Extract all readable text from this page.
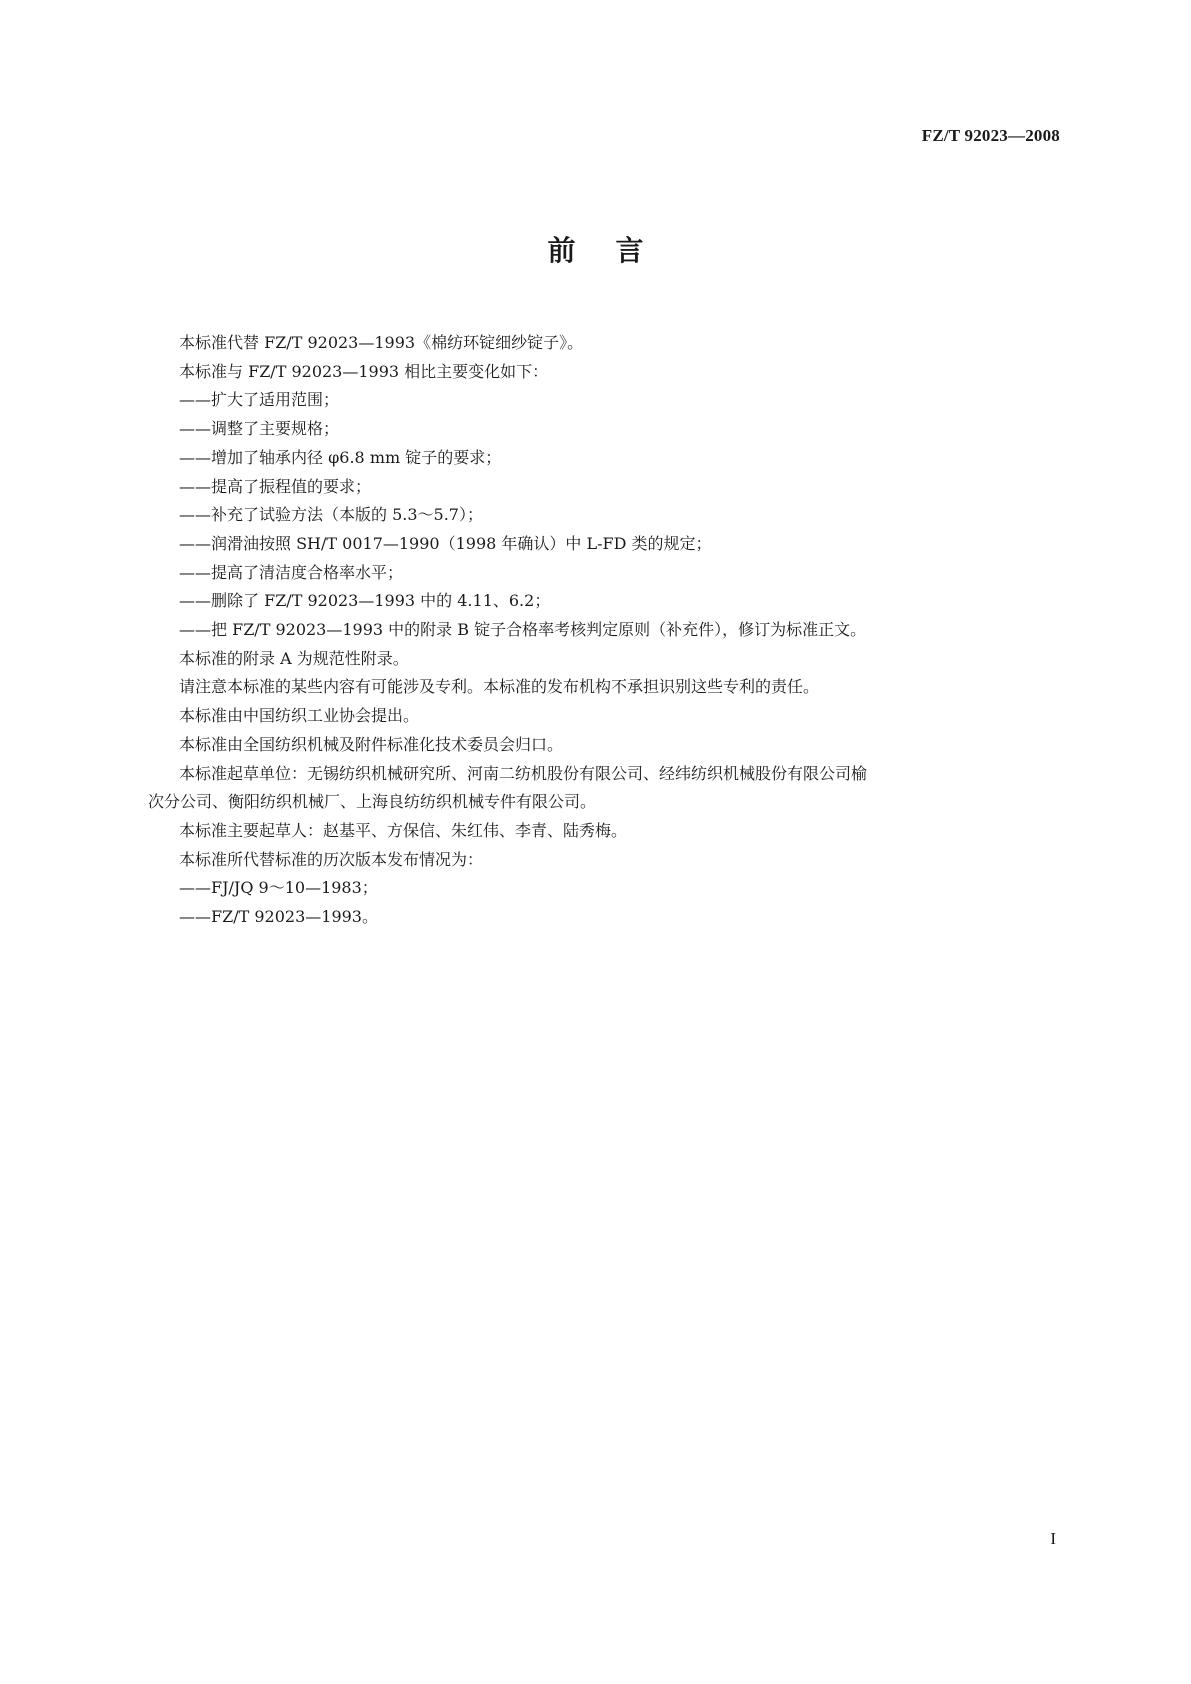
FZ/T 92023—2008
前言
本标准代替 FZ/T 92023—1993《棉纺环锭细纱锭子》。
本标准与 FZ/T 92023—1993 相比主要变化如下：
——扩大了适用范围；
——调整了主要规格；
——增加了轴承内径 φ6.8 mm 锭子的要求；
——提高了振程值的要求；
——补充了试验方法（本版的 5.3～5.7）；
——润滑油按照 SH/T 0017—1990（1998 年确认）中 L-FD 类的规定；
——提高了清洁度合格率水平；
——删除了 FZ/T 92023—1993 中的 4.11、6.2；
——把 FZ/T 92023—1993 中的附录 B 锭子合格率考核判定原则（补充件），修订为标准正文。
本标准的附录 A 为规范性附录。
请注意本标准的某些内容有可能涉及专利。本标准的发布机构不承担识别这些专利的责任。
本标准由中国纺织工业协会提出。
本标准由全国纺织机械及附件标准化技术委员会归口。
本标准起草单位：无锡纺织机械研究所、河南二纺机股份有限公司、经纬纺织机械股份有限公司榆
次分公司、衡阳纺织机械厂、上海良纺纺织机械专件有限公司。
本标准主要起草人：赵基平、方保信、朱红伟、李青、陆秀梅。
本标准所代替标准的历次版本发布情况为：
——FJ/JQ 9～10—1983；
——FZ/T 92023—1993。
I
